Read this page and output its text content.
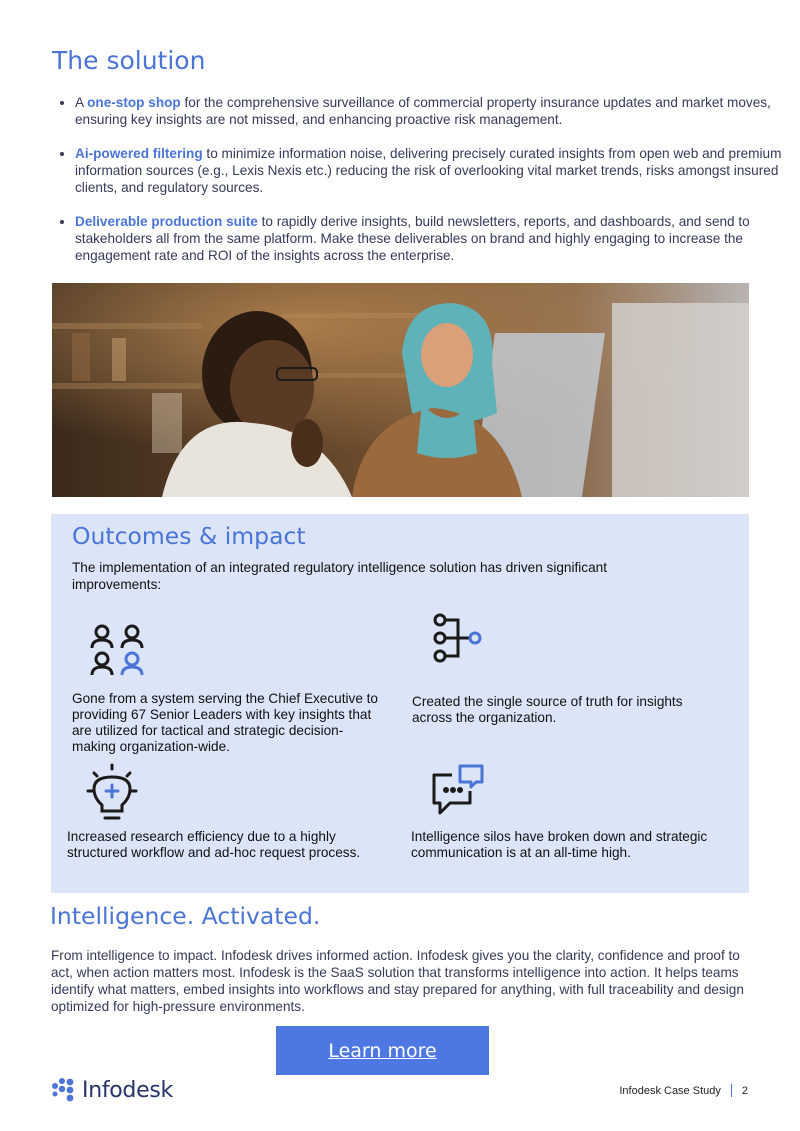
The solution
• A one-stop shop for the comprehensive surveillance of commercial property insurance updates and market moves, ensuring key insights are not missed, and enhancing proactive risk management.
• Ai-powered filtering to minimize information noise, delivering precisely curated insights from open web and premium information sources (e.g., Lexis Nexis etc.) reducing the risk of overlooking vital market trends, risks amongst insured clients, and regulatory sources.
• Deliverable production suite to rapidly derive insights, build newsletters, reports, and dashboards, and send to stakeholders all from the same platform. Make these deliverables on brand and highly engaging to increase the engagement rate and ROI of the insights across the enterprise.
Outcomes & impact
The implementation of an integrated regulatory intelligence solution has driven significant improvements:
Gone from a system serving the Chief Executive to providing 67 Senior Leaders with key insights that are utilized for tactical and strategic decision-making organization-wide.
Created the single source of truth for insights across the organization.
Increased research efficiency due to a highly structured workflow and ad-hoc request process.
Intelligence silos have broken down and strategic communication is at an all-time high.
Intelligence. Activated.
From intelligence to impact. Infodesk drives informed action. Infodesk gives you the clarity, confidence and proof to act, when action matters most. Infodesk is the SaaS solution that transforms intelligence into action. It helps teams identify what matters, embed insights into workflows and stay prepared for anything, with full traceability and design optimized for high-pressure environments.
Learn more
Infodesk	Infodesk Case Study 2
